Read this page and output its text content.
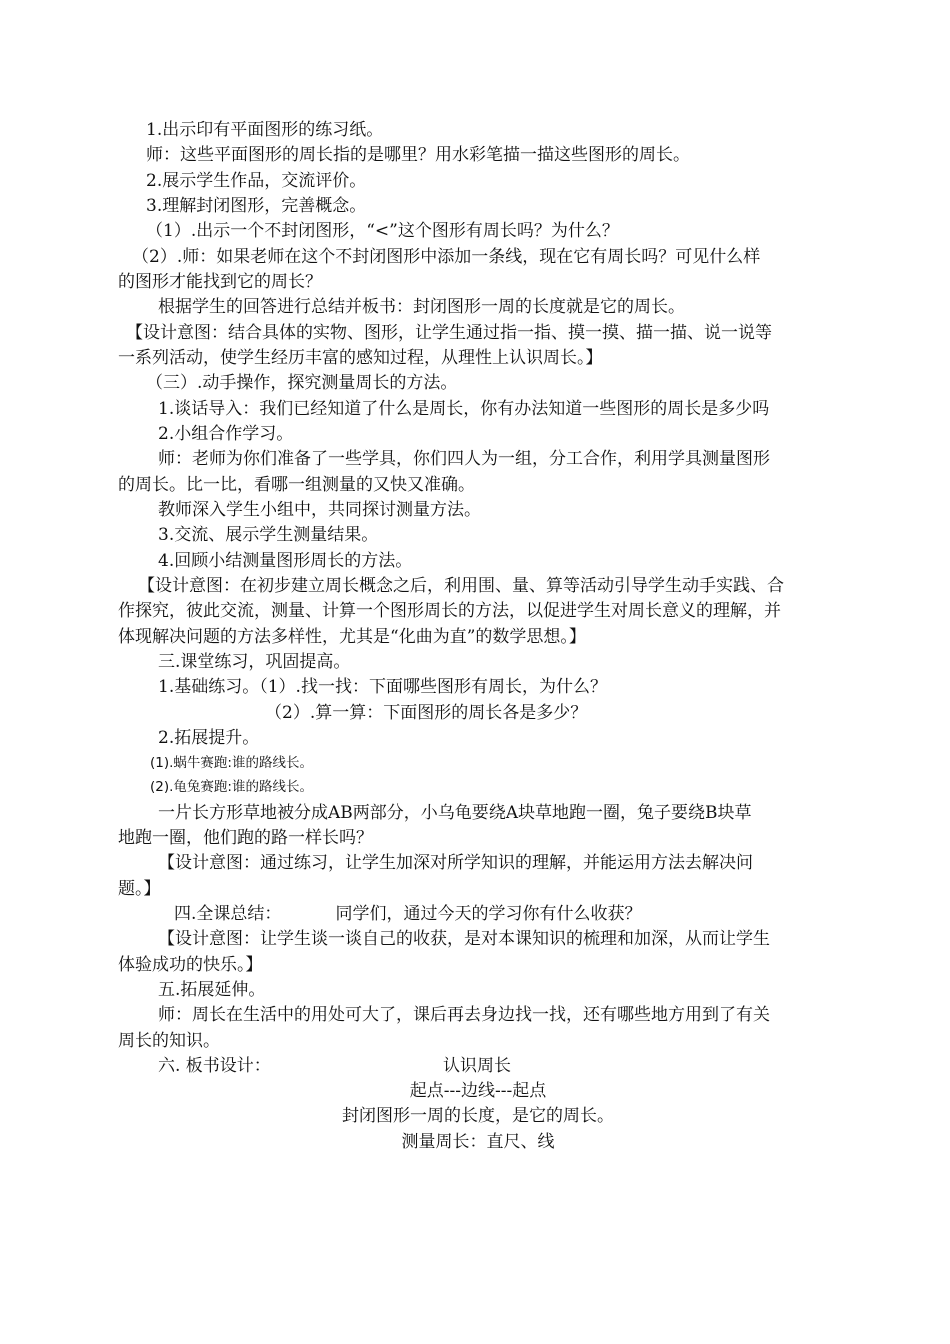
1.出示印有平面图形的练习纸。
师：这些平面图形的周长指的是哪里？用水彩笔描一描这些图形的周长。
2.展示学生作品，交流评价。
3.理解封闭图形，完善概念。
（1）.出示一个不封闭图形，“<”这个图形有周长吗？为什么？
（2）.师：如果老师在这个不封闭图形中添加一条线，现在它有周长吗？可见什么样
的图形才能找到它的周长？
根据学生的回答进行总结并板书：封闭图形一周的长度就是它的周长。
【设计意图：结合具体的实物、图形，让学生通过指一指、摸一摸、描一描、说一说等
一系列活动，使学生经历丰富的感知过程，从理性上认识周长。】
（三）.动手操作，探究测量周长的方法。
1.谈话导入：我们已经知道了什么是周长，你有办法知道一些图形的周长是多少吗
2.小组合作学习。
师：老师为你们准备了一些学具，你们四人为一组，分工合作，利用学具测量图形
的周长。比一比，看哪一组测量的又快又准确。
教师深入学生小组中，共同探讨测量方法。
3.交流、展示学生测量结果。
4.回顾小结测量图形周长的方法。
【设计意图：在初步建立周长概念之后，利用围、量、算等活动引导学生动手实践、合
作探究，彼此交流，测量、计算一个图形周长的方法，以促进学生对周长意义的理解，并
体现解决问题的方法多样性，尤其是“化曲为直”的数学思想。】
三.课堂练习，巩固提高。
1.基础练习。（1）.找一找：下面哪些图形有周长，为什么？
（2）.算一算：下面图形的周长各是多少？
2.拓展提升。
(1).蜗牛赛跑:谁的路线长。
(2).龟兔赛跑:谁的路线长。
一片长方形草地被分成AB两部分，小乌龟要绕A块草地跑一圈，兔子要绕B块草
地跑一圈，他们跑的路一样长吗？
【设计意图：通过练习，让学生加深对所学知识的理解，并能运用方法去解决问
题。】
四.全课总结：          同学们，通过今天的学习你有什么收获？
【设计意图：让学生谈一谈自己的收获，是对本课知识的梳理和加深，从而让学生
体验成功的快乐。】
五.拓展延伸。
师：周长在生活中的用处可大了，课后再去身边找一找，还有哪些地方用到了有关
周长的知识。
六. 板书设计：	认识周长
起点---边线---起点
封闭图形一周的长度，是它的周长。
测量周长：直尺、线
